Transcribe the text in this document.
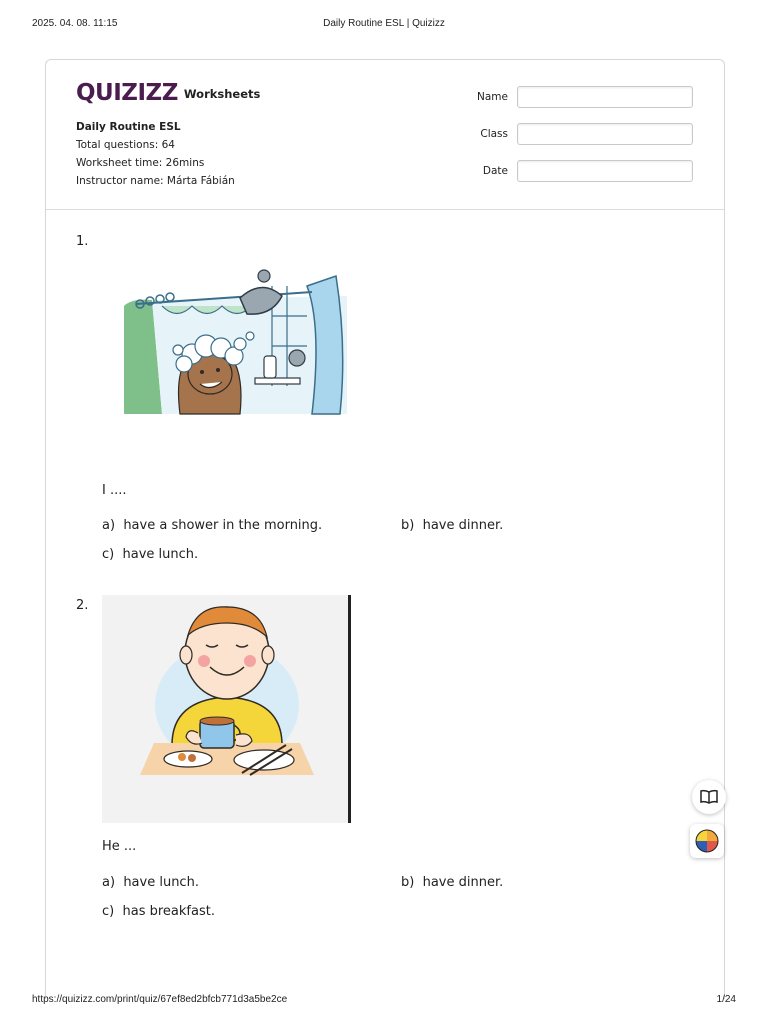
2025. 04. 08. 11:15	Daily Routine ESL | Quizizz
QUIZIZZ Worksheets
Daily Routine ESL
Total questions: 64
Worksheet time: 26mins
Instructor name: Márta Fábián
Name
Class
Date
1.
I ....
a) have a shower in the morning.	b) have dinner.
c) have lunch.
2.
He ...
a) have lunch.	b) have dinner.
c) has breakfast.
https://quizizz.com/print/quiz/67ef8ed2bfcb771d3a5be2ce	1/24
